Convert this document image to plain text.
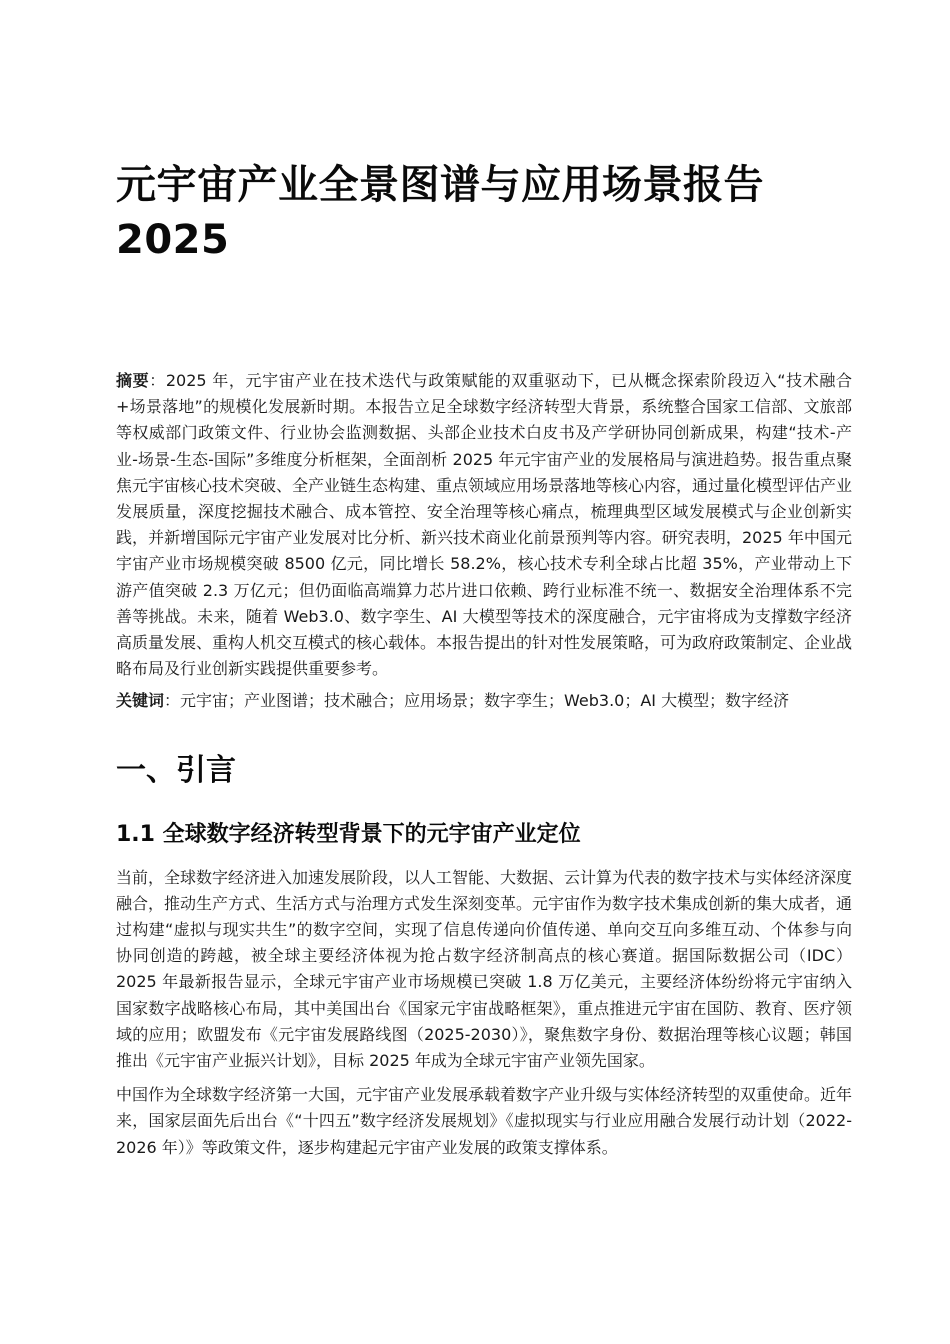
元宇宙产业全景图谱与应用场景报告2025

摘要：2025 年，元宇宙产业在技术迭代与政策赋能的双重驱动下，已从概念探索阶段迈入“技术融合+场景落地”的规模化发展新时期。本报告立足全球数字经济转型大背景，系统整合国家工信部、文旅部等权威部门政策文件、行业协会监测数据、头部企业技术白皮书及产学研协同创新成果，构建“技术-产业-场景-生态-国际”多维度分析框架，全面剖析 2025 年元宇宙产业的发展格局与演进趋势。报告重点聚焦元宇宙核心技术突破、全产业链生态构建、重点领域应用场景落地等核心内容，通过量化模型评估产业发展质量，深度挖掘技术融合、成本管控、安全治理等核心痛点，梳理典型区域发展模式与企业创新实践，并新增国际元宇宙产业发展对比分析、新兴技术商业化前景预判等内容。研究表明，2025 年中国元宇宙产业市场规模突破 8500 亿元，同比增长 58.2%，核心技术专利全球占比超 35%，产业带动上下游产值突破 2.3 万亿元；但仍面临高端算力芯片进口依赖、跨行业标准不统一、数据安全治理体系不完善等挑战。未来，随着 Web3.0、数字孪生、AI 大模型等技术的深度融合，元宇宙将成为支撑数字经济高质量发展、重构人机交互模式的核心载体。本报告提出的针对性发展策略，可为政府政策制定、企业战略布局及行业创新实践提供重要参考。

关键词：元宇宙；产业图谱；技术融合；应用场景；数字孪生；Web3.0；AI 大模型；数字经济

一、引言
1.1 全球数字经济转型背景下的元宇宙产业定位

当前，全球数字经济进入加速发展阶段，以人工智能、大数据、云计算为代表的数字技术与实体经济深度融合，推动生产方式、生活方式与治理方式发生深刻变革。元宇宙作为数字技术集成创新的集大成者，通过构建“虚拟与现实共生”的数字空间，实现了信息传递向价值传递、单向交互向多维互动、个体参与向协同创造的跨越，被全球主要经济体视为抢占数字经济制高点的核心赛道。据国际数据公司（IDC）2025 年最新报告显示，全球元宇宙产业市场规模已突破 1.8 万亿美元，主要经济体纷纷将元宇宙纳入国家数字战略核心布局，其中美国出台《国家元宇宙战略框架》，重点推进元宇宙在国防、教育、医疗领域的应用；欧盟发布《元宇宙发展路线图（2025-2030）》，聚焦数字身份、数据治理等核心议题；韩国推出《元宇宙产业振兴计划》，目标 2025 年成为全球元宇宙产业领先国家。

中国作为全球数字经济第一大国，元宇宙产业发展承载着数字产业升级与实体经济转型的双重使命。近年来，国家层面先后出台《“十四五”数字经济发展规划》《虚拟现实与行业应用融合发展行动计划（2022-2026 年）》等政策文件，逐步构建起元宇宙产业发展的政策支撑体系。
